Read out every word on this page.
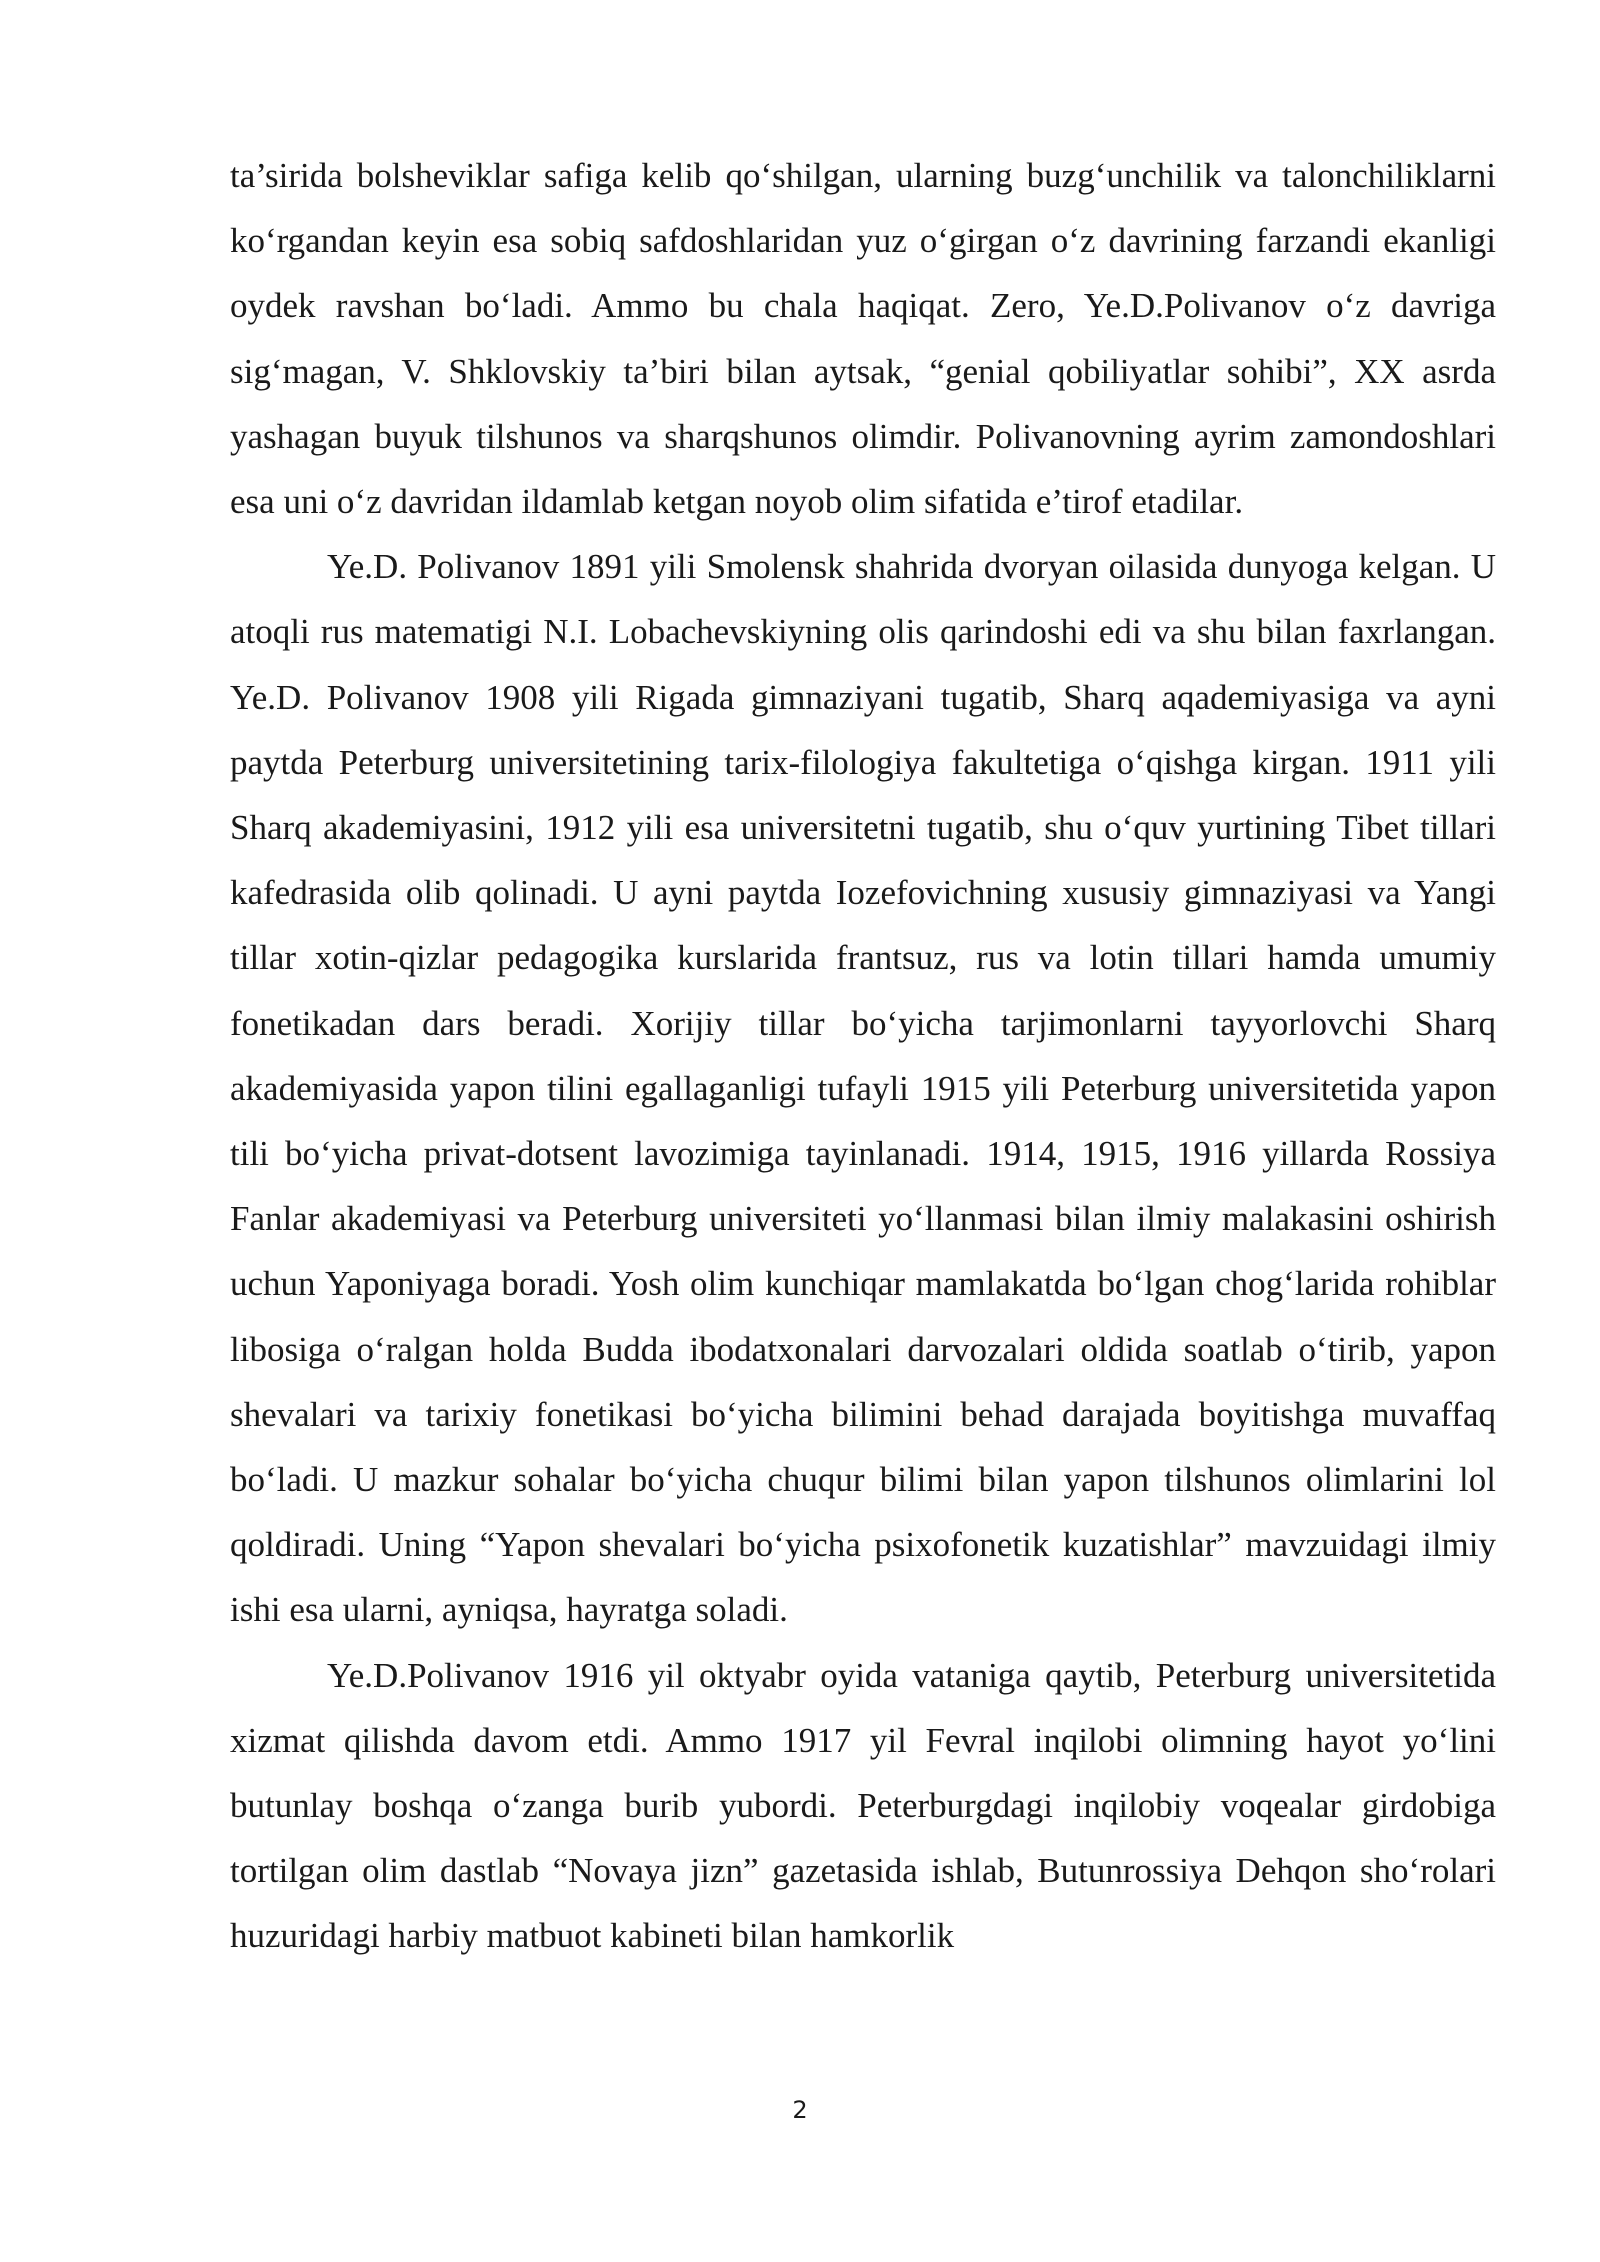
ta’sirida bolsheviklar safiga kelib qo‘shilgan, ularning buzg‘unchilik va talonchiliklarni ko‘rgandan keyin esa sobiq safdoshlaridan yuz o‘girgan o‘z davrining farzandi ekanligi oydek ravshan bo‘ladi. Ammo bu chala haqiqat. Zero, Ye.D.Polivanov o‘z davriga sig‘magan, V. Shklovskiy ta’biri bilan aytsak, “genial qobiliyatlar sohibi”, XX asrda yashagan buyuk tilshunos va sharqshunos olimdir. Polivanovning ayrim zamondoshlari esa uni o‘z davridan ildamlab ketgan noyob olim sifatida e’tirof etadilar.

Ye.D. Polivanov 1891 yili Smolensk shahrida dvoryan oilasida dunyoga kelgan. U atoqli rus matematigi N.I. Lobachevskiyning olis qarindoshi edi va shu bilan faxrlangan. Ye.D. Polivanov 1908 yili Rigada gimnaziyani tugatib, Sharq aqademiyasiga va ayni paytda Peterburg universitetining tarix-filologiya fakultetiga o‘qishga kirgan. 1911 yili Sharq akademiyasini, 1912 yili esa universitetni tugatib, shu o‘quv yurtining Tibet tillari kafedrasida olib qolinadi. U ayni paytda Iozefovichning xususiy gimnaziyasi va Yangi tillar xotin-qizlar pedagogika kurslarida frantsuz, rus va lotin tillari hamda umumiy fonetikadan dars beradi. Xorijiy tillar bo‘yicha tarjimonlarni tayyorlovchi Sharq akademiyasida yapon tilini egallaganligi tufayli 1915 yili Peterburg universitetida yapon tili bo‘yicha privat-dotsent lavozimiga tayinlanadi. 1914, 1915, 1916 yillarda Rossiya Fanlar akademiyasi va Peterburg universiteti yo‘llanmasi bilan ilmiy malakasini oshirish uchun Yaponiyaga boradi. Yosh olim kunchiqar mamlakatda bo‘lgan chog‘larida rohiblar libosiga o‘ralgan holda Budda ibodatxonalari darvozalari oldida soatlab o‘tirib, yapon shevalari va tarixiy fonetikasi bo‘yicha bilimini behad darajada boyitishga muvaffaq bo‘ladi. U mazkur sohalar bo‘yicha chuqur bilimi bilan yapon tilshunos olimlarini lol qoldiradi. Uning “Yapon shevalari bo‘yicha psixofonetik kuzatishlar” mavzuidagi ilmiy ishi esa ularni, ayniqsa, hayratga soladi.

Ye.D.Polivanov 1916 yil oktyabr oyida vataniga qaytib, Peterburg universitetida xizmat qilishda davom etdi. Ammo 1917 yil Fevral inqilobi olimning hayot yo‘lini butunlay boshqa o‘zanga burib yubordi. Peterburgdagi inqilobiy voqealar girdobiga tortilgan olim dastlab “Novaya jizn” gazetasida ishlab, Butunrossiya Dehqon sho‘rolari huzuridagi harbiy matbuot kabineti bilan hamkorlik

2
